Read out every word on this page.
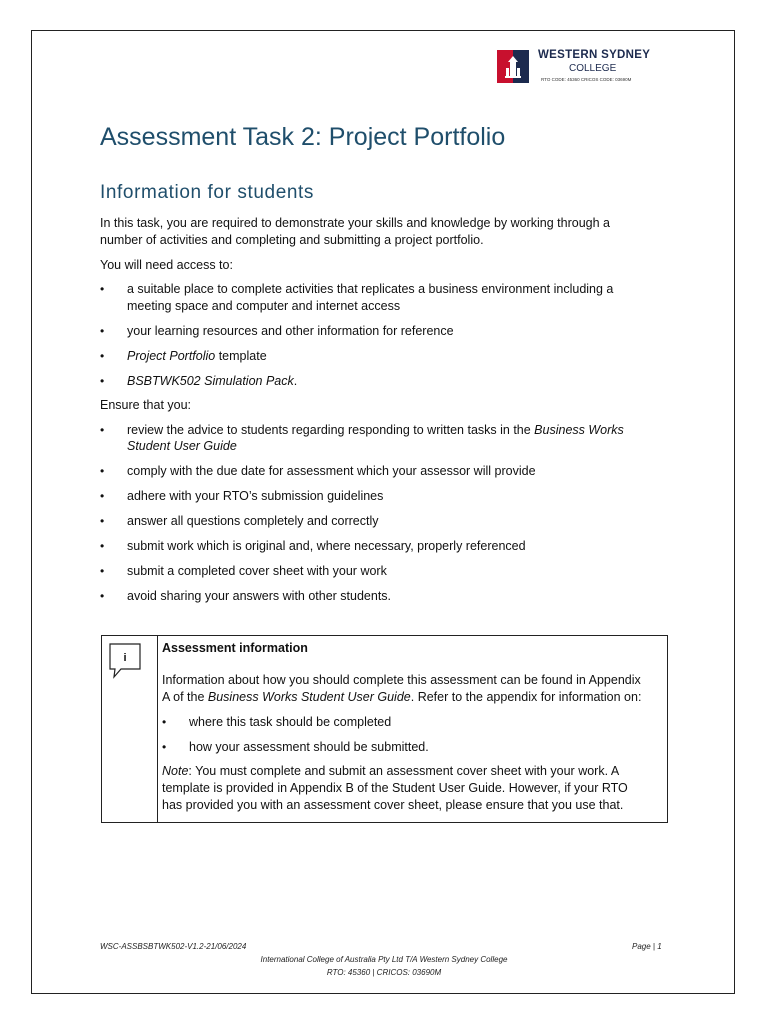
WESTERN SYDNEY
COLLEGE
RTO CODE: 45360 CRICOS CODE: 03690M
Assessment Task 2: Project Portfolio
Information for students
In this task, you are required to demonstrate your skills and knowledge by working through a
number of activities and completing and submitting a project portfolio.
You will need access to:
• a suitable place to complete activities that replicates a business environment including a
meeting space and computer and internet access
• your learning resources and other information for reference
• Project Portfolio template
• BSBTWK502 Simulation Pack.
Ensure that you:
• review the advice to students regarding responding to written tasks in the Business Works
Student User Guide
• comply with the due date for assessment which your assessor will provide
• adhere with your RTO’s submission guidelines
• answer all questions completely and correctly
• submit work which is original and, where necessary, properly referenced
• submit a completed cover sheet with your work
• avoid sharing your answers with other students.
i
Assessment information
Information about how you should complete this assessment can be found in Appendix
A of the Business Works Student User Guide. Refer to the appendix for information on:
• where this task should be completed
• how your assessment should be submitted.
Note: You must complete and submit an assessment cover sheet with your work. A
template is provided in Appendix B of the Student User Guide. However, if your RTO
has provided you with an assessment cover sheet, please ensure that you use that.
WSC-ASSBSBTWK502-V1.2-21/06/2024	Page | 1
International College of Australia Pty Ltd T/A Western Sydney College
RTO: 45360 | CRICOS: 03690M
